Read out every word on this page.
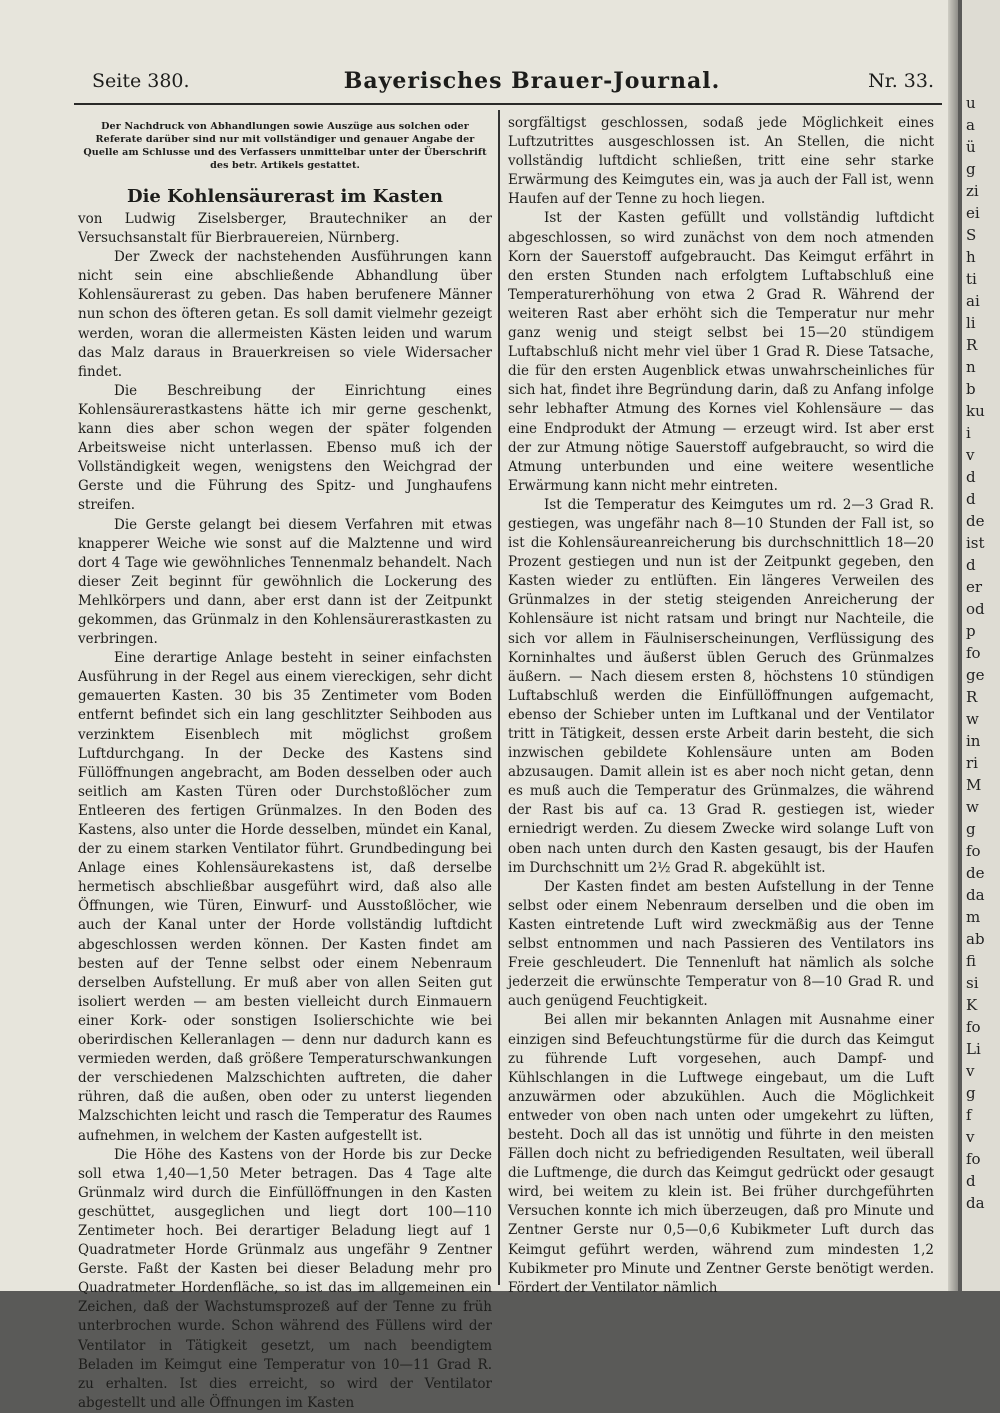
Seite 380.	Bayerisches Brauer-Journal.	Nr. 33.
Der Nachdruck von Abhandlungen sowie Auszüge aus solchen oder Referate darüber sind nur mit vollständiger und genauer Angabe der Quelle am Schlusse und des Verfassers unmittelbar unter der Überschrift des betr. Artikels gestattet.
Die Kohlensäurerast im Kasten

von Ludwig Ziselsberger, Brautechniker an der Versuchsanstalt für Bierbrauereien, Nürnberg.

Der Zweck der nachstehenden Ausführungen kann nicht sein eine abschließende Abhandlung über Kohlensäurerast zu geben. Das haben berufenere Männer nun schon des öfteren getan. Es soll damit vielmehr gezeigt werden, woran die allermeisten Kästen leiden und warum das Malz daraus in Brauerkreisen so viele Widersacher findet.

Die Beschreibung der Einrichtung eines Kohlensäurerastkastens hätte ich mir gerne geschenkt, kann dies aber schon wegen der später folgenden Arbeitsweise nicht unterlassen. Ebenso muß ich der Vollständigkeit wegen, wenigstens den Weichgrad der Gerste und die Führung des Spitz- und Junghaufens streifen.

Die Gerste gelangt bei diesem Verfahren mit etwas knapperer Weiche wie sonst auf die Malztenne und wird dort 4 Tage wie gewöhnliches Tennenmalz behandelt. Nach dieser Zeit beginnt für gewöhnlich die Lockerung des Mehlkörpers und dann, aber erst dann ist der Zeitpunkt gekommen, das Grünmalz in den Kohlensäurerastkasten zu verbringen.

Eine derartige Anlage besteht in seiner einfachsten Ausführung in der Regel aus einem viereckigen, sehr dicht gemauerten Kasten. 30 bis 35 Zentimeter vom Boden entfernt befindet sich ein lang geschlitzter Seihboden aus verzinktem Eisenblech mit möglichst großem Luftdurchgang. In der Decke des Kastens sind Füllöffnungen angebracht, am Boden desselben oder auch seitlich am Kasten Türen oder Durchstoßlöcher zum Entleeren des fertigen Grünmalzes. In den Boden des Kastens, also unter die Horde desselben, mündet ein Kanal, der zu einem starken Ventilator führt. Grundbedingung bei Anlage eines Kohlensäurekastens ist, daß derselbe hermetisch abschließbar ausgeführt wird, daß also alle Öffnungen, wie Türen, Einwurf- und Ausstoßlöcher, wie auch der Kanal unter der Horde vollständig luftdicht abgeschlossen werden können. Der Kasten findet am besten auf der Tenne selbst oder einem Nebenraum derselben Aufstellung. Er muß aber von allen Seiten gut isoliert werden — am besten vielleicht durch Einmauern einer Kork- oder sonstigen Isolierschichte wie bei oberirdischen Kelleranlagen — denn nur dadurch kann es vermieden werden, daß größere Temperaturschwankungen der verschiedenen Malzschichten auftreten, die daher rühren, daß die außen, oben oder zu unterst liegenden Malzschichten leicht und rasch die Temperatur des Raumes aufnehmen, in welchem der Kasten aufgestellt ist.

Die Höhe des Kastens von der Horde bis zur Decke soll etwa 1,40—1,50 Meter betragen. Das 4 Tage alte Grünmalz wird durch die Einfüllöffnungen in den Kasten geschüttet, ausgeglichen und liegt dort 100—110 Zentimeter hoch. Bei derartiger Beladung liegt auf 1 Quadratmeter Horde Grünmalz aus ungefähr 9 Zentner Gerste. Faßt der Kasten bei dieser Beladung mehr pro Quadratmeter Hordenfläche, so ist das im allgemeinen ein Zeichen, daß der Wachstumsprozeß auf der Tenne zu früh unterbrochen wurde. Schon während des Füllens wird der Ventilator in Tätigkeit gesetzt, um nach beendigtem Beladen im Keimgut eine Temperatur von 10—11 Grad R. zu erhalten. Ist dies erreicht, so wird der Ventilator abgestellt und alle Öffnungen im Kasten

sorgfältigst geschlossen, sodaß jede Möglichkeit eines Luftzutrittes ausgeschlossen ist. An Stellen, die nicht vollständig luftdicht schließen, tritt eine sehr starke Erwärmung des Keimgutes ein, was ja auch der Fall ist, wenn Haufen auf der Tenne zu hoch liegen.

Ist der Kasten gefüllt und vollständig luftdicht abgeschlossen, so wird zunächst von dem noch atmenden Korn der Sauerstoff aufgebraucht. Das Keimgut erfährt in den ersten Stunden nach erfolgtem Luftabschluß eine Temperaturerhöhung von etwa 2 Grad R. Während der weiteren Rast aber erhöht sich die Temperatur nur mehr ganz wenig und steigt selbst bei 15—20 stündigem Luftabschluß nicht mehr viel über 1 Grad R. Diese Tatsache, die für den ersten Augenblick etwas unwahrscheinliches für sich hat, findet ihre Begründung darin, daß zu Anfang infolge sehr lebhafter Atmung des Kornes viel Kohlensäure — das eine Endprodukt der Atmung — erzeugt wird. Ist aber erst der zur Atmung nötige Sauerstoff aufgebraucht, so wird die Atmung unterbunden und eine weitere wesentliche Erwärmung kann nicht mehr eintreten.

Ist die Temperatur des Keimgutes um rd. 2—3 Grad R. gestiegen, was ungefähr nach 8—10 Stunden der Fall ist, so ist die Kohlensäureanreicherung bis durchschnittlich 18—20 Prozent gestiegen und nun ist der Zeitpunkt gegeben, den Kasten wieder zu entlüften. Ein längeres Verweilen des Grünmalzes in der stetig steigenden Anreicherung der Kohlensäure ist nicht ratsam und bringt nur Nachteile, die sich vor allem in Fäulniserscheinungen, Verflüssigung des Korninhaltes und äußerst üblen Geruch des Grünmalzes äußern. — Nach diesem ersten 8, höchstens 10 stündigen Luftabschluß werden die Einfüllöffnungen aufgemacht, ebenso der Schieber unten im Luftkanal und der Ventilator tritt in Tätigkeit, dessen erste Arbeit darin besteht, die sich inzwischen gebildete Kohlensäure unten am Boden abzusaugen. Damit allein ist es aber noch nicht getan, denn es muß auch die Temperatur des Grünmalzes, die während der Rast bis auf ca. 13 Grad R. gestiegen ist, wieder erniedrigt werden. Zu diesem Zwecke wird solange Luft von oben nach unten durch den Kasten gesaugt, bis der Haufen im Durchschnitt um 2½ Grad R. abgekühlt ist.

Der Kasten findet am besten Aufstellung in der Tenne selbst oder einem Nebenraum derselben und die oben im Kasten eintretende Luft wird zweckmäßig aus der Tenne selbst entnommen und nach Passieren des Ventilators ins Freie geschleudert. Die Tennenluft hat nämlich als solche jederzeit die erwünschte Temperatur von 8—10 Grad R. und auch genügend Feuchtigkeit.

Bei allen mir bekannten Anlagen mit Ausnahme einer einzigen sind Befeuchtungstürme für die durch das Keimgut zu führende Luft vorgesehen, auch Dampf- und Kühlschlangen in die Luftwege eingebaut, um die Luft anzuwärmen oder abzukühlen. Auch die Möglichkeit entweder von oben nach unten oder umgekehrt zu lüften, besteht. Doch all das ist unnötig und führte in den meisten Fällen doch nicht zu befriedigenden Resultaten, weil überall die Luftmenge, die durch das Keimgut gedrückt oder gesaugt wird, bei weitem zu klein ist. Bei früher durchgeführten Versuchen konnte ich mich überzeugen, daß pro Minute und Zentner Gerste nur 0,5—0,6 Kubikmeter Luft durch das Keimgut geführt werden, während zum mindesten 1,2 Kubikmeter pro Minute und Zentner Gerste benötigt werden. Fördert der Ventilator nämlich

u
a
ü
g
zi
ei
S
h
ti
ai
li
R
n
b
ku
i
v
d
d
de
ist
d
er
od
p
fo
ge
R
w
in
ri
M
w
g
fo
de
da
m
ab
fi
si
K
fo
Li
v
g
f
v
fo
d
da
